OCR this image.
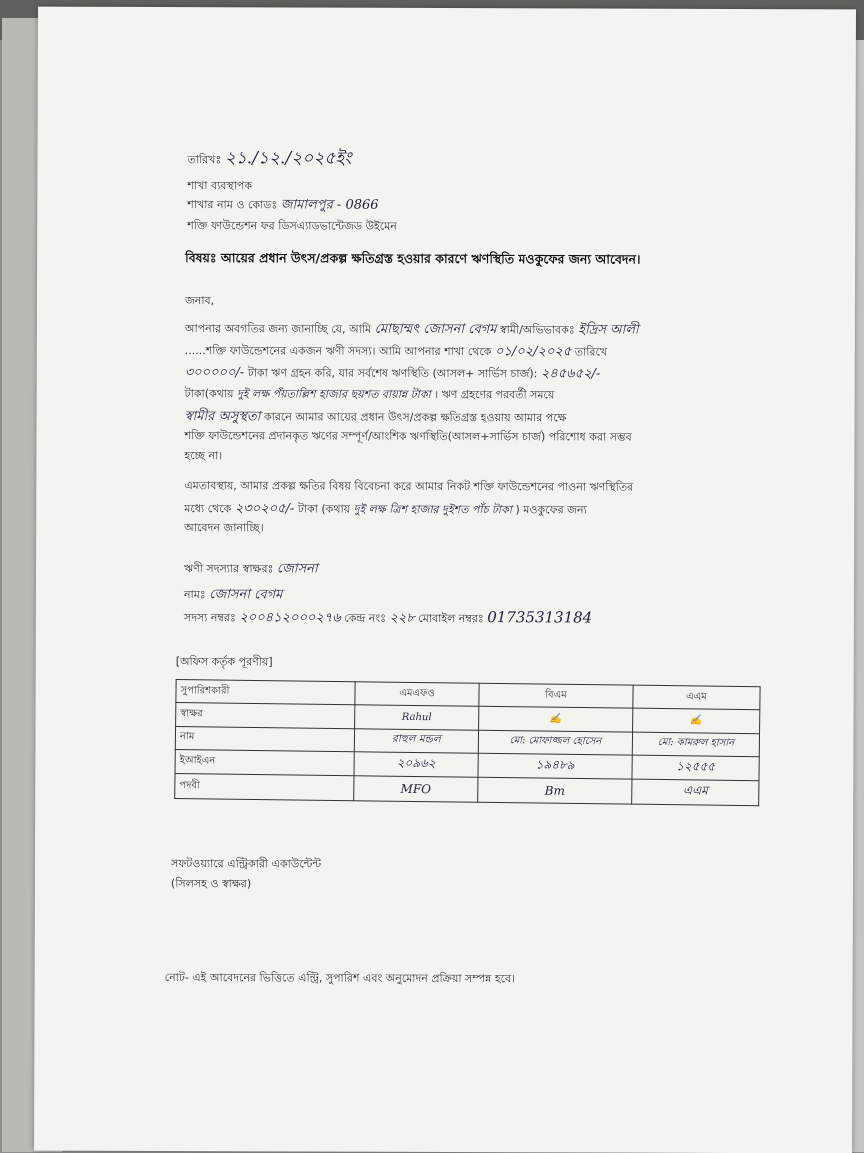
তারিখঃ ২১./১২./২০২৫ইং
শাখা ব্যবস্থাপক
শাখার নাম ও কোডঃ জামালপুর - 0866
শক্তি ফাউন্ডেশন ফর ডিসএ্যাডভান্টেজড উইমেন
বিষয়ঃ আয়ের প্রধান উৎস/প্রকল্প ক্ষতিগ্রস্ত হওয়ার কারণে ঋণস্থিতি মওকুফের জন্য আবেদন।
জনাব,
আপনার অবগতির জন্য জানাচ্ছি যে, আমি মোছাম্মৎ জোসনা বেগম স্বামী/অভিভাবকঃ ইদ্রিস আলী
......শক্তি ফাউন্ডেশনের একজন ঋণী সদস্য। আমি আপনার শাখা থেকে ০১/০২/২০২৫ তারিখে
৩০০০০০/- টাকা ঋণ গ্রহন করি, যার সর্বশেষ ঋণস্থিতি (আসল+ সার্ভিস চার্জ): ২৪৫৬৫২/-
টাকা(কথায় দুই লক্ষ পঁয়তাল্লিশ হাজার ছয়শত বায়ান্ন টাকা । ঋণ গ্রহণের পরবর্তী সময়ে
স্বামীর অসুস্থতা কারনে আমার আয়ের প্রধান উৎস/প্রকল্প ক্ষতিগ্রস্ত হওয়ায় আমার পক্ষে
শক্তি ফাউন্ডেশনের প্রদানকৃত ঋণের সম্পূর্ণ/আংশিক ঋণস্থিতি(আসল+সার্ভিস চার্জ) পরিশোধ করা সম্ভব
হচ্ছে না।
এমতাবস্থায়, আমার প্রকল্প ক্ষতির বিষয় বিবেচনা করে আমার নিকট শক্তি ফাউন্ডেশনের পাওনা ঋণস্থিতির
মধ্যে থেকে ২৩০২০৫/- টাকা (কথায় দুই লক্ষ ত্রিশ হাজার দুইশত পাঁচ টাকা ) মওকুফের জন্য
আবেদন জানাচ্ছি।
ঋণী সদস্যার স্বাক্ষরঃ জোসনা
নামঃ জোসনা বেগম
সদস্য নম্বরঃ ২০০৪১২০০০২৭৬ কেন্দ্র নংঃ ২২৮ মোবাইল নম্বরঃ 01735313184
[অফিস কর্তৃক পূরণীয়]
সুপারিশকারী	এমএফও	বিএম	এএম
স্বাক্ষর	Rahul	✍	✍
নাম	রাহুল মন্ডল	মো: মোফাজ্জল হোসেন	মো: কামরুল হাসান
ইআইএন	২০৯৬২	১৯৪৮৯	১২৫৫৫
পদবী	MFO	Bm	এএম
সফটওয়্যারে এন্ট্রিকারী একাউন্টেন্ট
(সিলসহ ও স্বাক্ষর)
নোট- এই আবেদনের ভিত্তিতে এন্ট্রি, সুপারিশ এবং অনুমোদন প্রক্রিয়া সম্পন্ন হবে।
